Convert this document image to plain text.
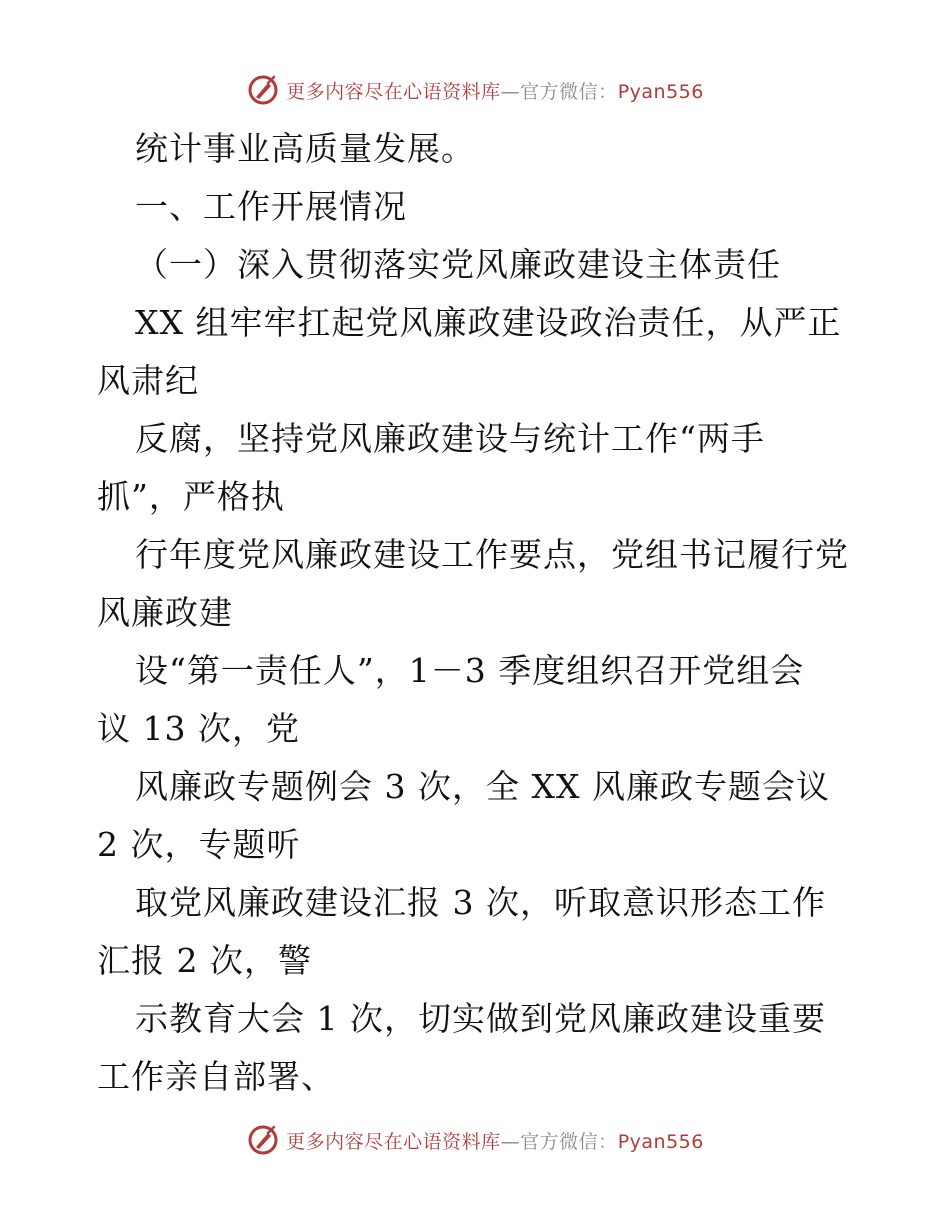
更多内容尽在心语资料库—官方微信：Pyan556
统计事业高质量发展。
一、工作开展情况
（一）深入贯彻落实党风廉政建设主体责任
XX 组牢牢扛起党风廉政建设政治责任，从严正
风肃纪
反腐，坚持党风廉政建设与统计工作“两手
抓”，严格执
行年度党风廉政建设工作要点，党组书记履行党
风廉政建
设“第一责任人”，1－3 季度组织召开党组会
议 13 次，党
风廉政专题例会 3 次，全 XX 风廉政专题会议
2 次，专题听
取党风廉政建设汇报 3 次，听取意识形态工作
汇报 2 次，警
示教育大会 1 次，切实做到党风廉政建设重要
工作亲自部署、
更多内容尽在心语资料库—官方微信：Pyan556
